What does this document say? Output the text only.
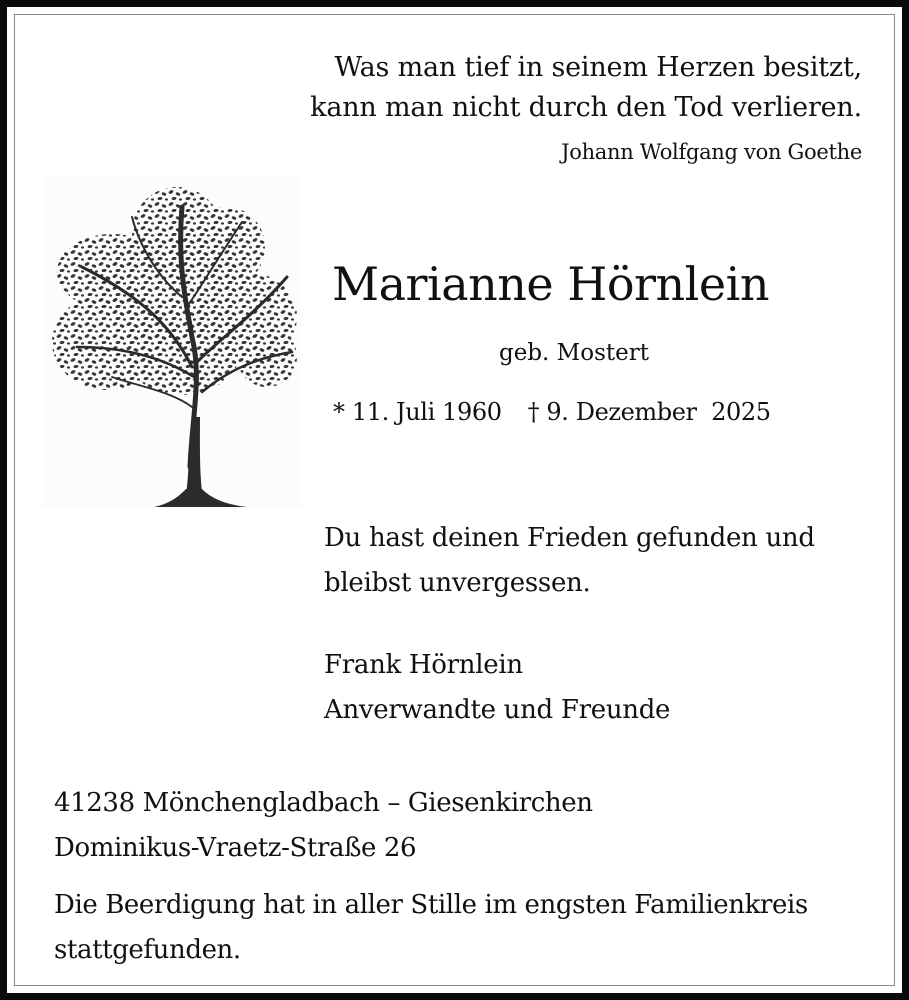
Was man tief in seinem Herzen besitzt,
kann man nicht durch den Tod verlieren.
Johann Wolfgang von Goethe
Marianne Hörnlein
geb. Mostert
* 11. Juli 1960 † 9. Dezember  2025
Du hast deinen Frieden gefunden und
bleibst unvergessen.
Frank Hörnlein
Anverwandte und Freunde
41238 Mönchengladbach – Giesenkirchen
Dominikus-Vraetz-Straße 26
Die Beerdigung hat in aller Stille im engsten Familienkreis
stattgefunden.
